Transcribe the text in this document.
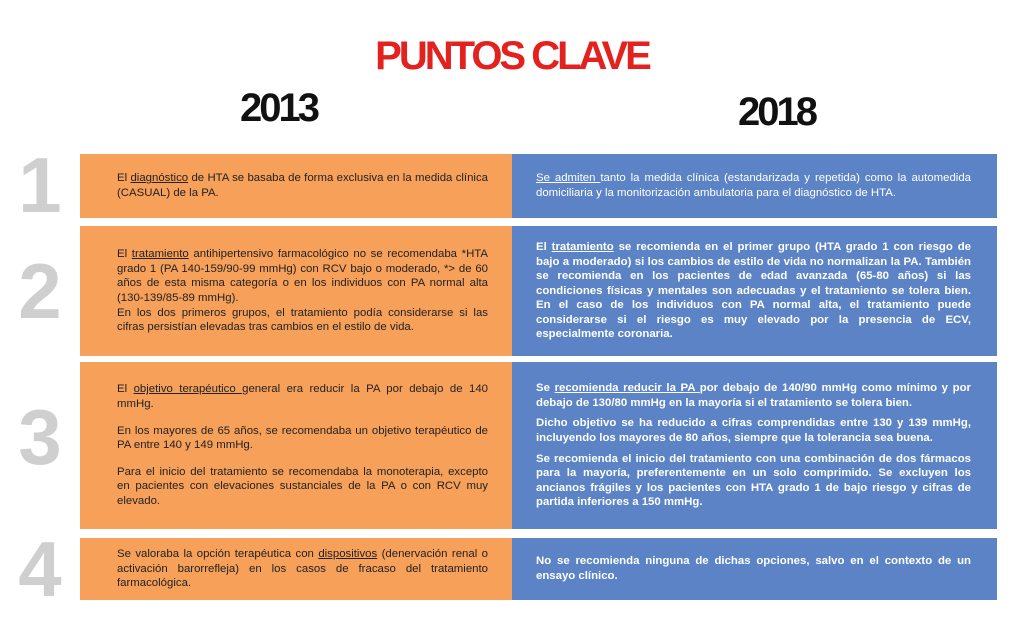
PUNTOS CLAVE
2013	2018
1
2
3
4

El diagnóstico de HTA se basaba de forma exclusiva en la medida clínica (CASUAL) de la PA.

Se admiten tanto la medida clínica (estandarizada y repetida) como la automedida domiciliaria y la monitorización ambulatoria para el diagnóstico de HTA.

El tratamiento antihipertensivo farmacológico no se recomendaba *HTA grado 1 (PA 140-159/90-99 mmHg) con RCV bajo o moderado, *> de 60 años de esta misma categoría o en los individuos con PA normal alta (130-139/85-89 mmHg).

En los dos primeros grupos, el tratamiento podía considerarse si las cifras persistían elevadas tras cambios en el estilo de vida.

El tratamiento se recomienda en el primer grupo (HTA grado 1 con riesgo de bajo a moderado) si los cambios de estilo de vida no normalizan la PA. También se recomienda en los pacientes de edad avanzada (65-80 años) si las condiciones físicas y mentales son adecuadas y el tratamiento se tolera bien. En el caso de los individuos con PA normal alta, el tratamiento puede considerarse si el riesgo es muy elevado por la presencia de ECV, especialmente coronaria.

El objetivo terapéutico general era reducir la PA por debajo de 140 mmHg.

En los mayores de 65 años, se recomendaba un objetivo terapéutico de PA entre 140 y 149 mmHg.

Para el inicio del tratamiento se recomendaba la monoterapia, excepto en pacientes con elevaciones sustanciales de la PA o con RCV muy elevado.

Se recomienda reducir la PA por debajo de 140/90 mmHg como mínimo y por debajo de 130/80 mmHg en la mayoría si el tratamiento se tolera bien.

Dicho objetivo se ha reducido a cifras comprendidas entre 130 y 139 mmHg, incluyendo los mayores de 80 años, siempre que la tolerancia sea buena.

Se recomienda el inicio del tratamiento con una combinación de dos fármacos para la mayoría, preferentemente en un solo comprimido. Se excluyen los ancianos frágiles y los pacientes con HTA grado 1 de bajo riesgo y cifras de partida inferiores a 150 mmHg.

Se valoraba la opción terapéutica con dispositivos (denervación renal o activación barorrefleja) en los casos de fracaso del tratamiento farmacológica.

No se recomienda ninguna de dichas opciones, salvo en el contexto de un ensayo clínico.
